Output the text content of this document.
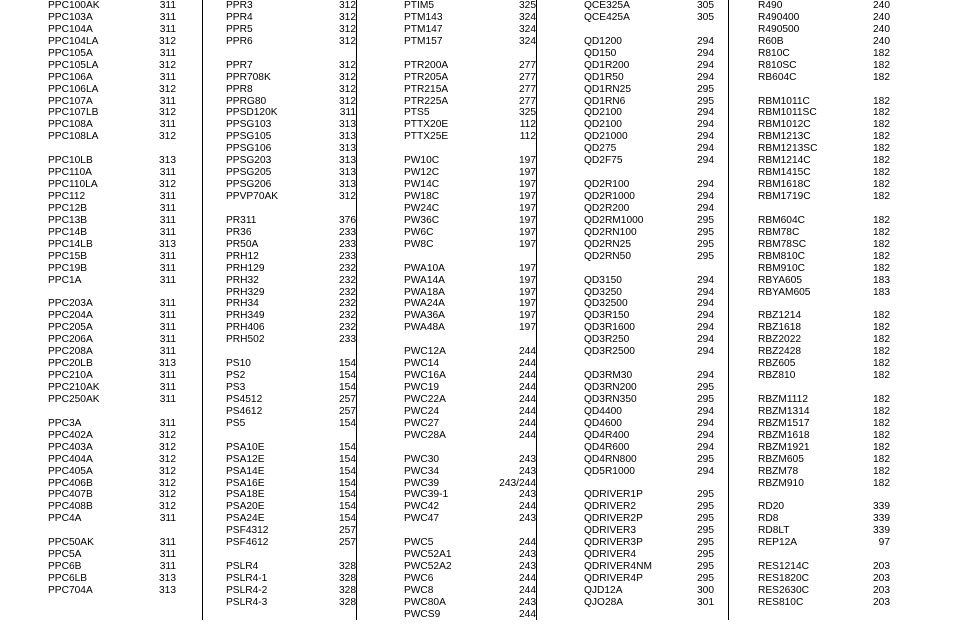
PPC100AK	311
PPC103A	311
PPC104A	311
PPC104LA	312
PPC105A	311
PPC105LA	312
PPC106A	311
PPC106LA	312
PPC107A	311
PPC107LB	312
PPC108A	311
PPC108LA	312
PPC10LB	313
PPC110A	311
PPC110LA	312
PPC112	311
PPC12B	311
PPC13B	311
PPC14B	311
PPC14LB	313
PPC15B	311
PPC19B	311
PPC1A	311
PPC203A	311
PPC204A	311
PPC205A	311
PPC206A	311
PPC208A	311
PPC20LB	313
PPC210A	311
PPC210AK	311
PPC250AK	311
PPC3A	311
PPC402A	312
PPC403A	312
PPC404A	312
PPC405A	312
PPC406B	312
PPC407B	312
PPC408B	312
PPC4A	311
PPC50AK	311
PPC5A	311
PPC6B	311
PPC6LB	313
PPC704A	313
PPR3	312
PPR4	312
PPR5	312
PPR6	312
PPR7	312
PPR708K	312
PPR8	312
PPRG80	312
PPSD120K	311
PPSG103	313
PPSG105	313
PPSG106	313
PPSG203	313
PPSG205	313
PPSG206	313
PPVP70AK	312
PR311	376
PR36	233
PR50A	233
PRH12	233
PRH129	232
PRH32	232
PRH329	232
PRH34	232
PRH349	232
PRH406	232
PRH502	233
PS10	154
PS2	154
PS3	154
PS4512	257
PS4612	257
PS5	154
PSA10E	154
PSA12E	154
PSA14E	154
PSA16E	154
PSA18E	154
PSA20E	154
PSA24E	154
PSF4312	257
PSF4612	257
PSLR4	328
PSLR4-1	328
PSLR4-2	328
PSLR4-3	328
PTIM5	325
PTM143	324
PTM147	324
PTM157	324
PTR200A	277
PTR205A	277
PTR215A	277
PTR225A	277
PTS5	325
PTTX20E	112
PTTX25E	112
PW10C	197
PW12C	197
PW14C	197
PW18C	197
PW24C	197
PW36C	197
PW6C	197
PW8C	197
PWA10A	197
PWA14A	197
PWA18A	197
PWA24A	197
PWA36A	197
PWA48A	197
PWC12A	244
PWC14	244
PWC16A	244
PWC19	244
PWC22A	244
PWC24	244
PWC27	244
PWC28A	244
PWC30	243
PWC34	243
PWC39	243/244
PWC39-1	243
PWC42	244
PWC47	243
PWC5	244
PWC52A1	243
PWC52A2	243
PWC6	244
PWC8	244
PWC80A	243
PWCS9	244
QCE325A	305
QCE425A	305
QD1200	294
QD150	294
QD1R200	294
QD1R50	294
QD1RN25	295
QD1RN6	295
QD2100	294
QD2100	294
QD21000	294
QD275	294
QD2F75	294
QD2R100	294
QD2R1000	294
QD2R200	294
QD2RM1000	295
QD2RN100	295
QD2RN25	295
QD2RN50	295
QD3150	294
QD3250	294
QD32500	294
QD3R150	294
QD3R1600	294
QD3R250	294
QD3R2500	294
QD3RM30	294
QD3RN200	295
QD3RN350	295
QD4400	294
QD4600	294
QD4R400	294
QD4R600	294
QD4RN800	295
QD5R1000	294
QDRIVER1P	295
QDRIVER2	295
QDRIVER2P	295
QDRIVER3	295
QDRIVER3P	295
QDRIVER4	295
QDRIVER4NM	295
QDRIVER4P	295
QJD12A	300
QJO28A	301
R490	240
R490400	240
R490500	240
R60B	240
R810C	182
R810SC	182
RB604C	182
RBM1011C	182
RBM1011SC	182
RBM1012C	182
RBM1213C	182
RBM1213SC	182
RBM1214C	182
RBM1415C	182
RBM1618C	182
RBM1719C	182
RBM604C	182
RBM78C	182
RBM78SC	182
RBM810C	182
RBM910C	182
RBYA605	183
RBYAM605	183
RBZ1214	182
RBZ1618	182
RBZ2022	182
RBZ2428	182
RBZ605	182
RBZ810	182
RBZM1112	182
RBZM1314	182
RBZM1517	182
RBZM1618	182
RBZM1921	182
RBZM605	182
RBZM78	182
RBZM910	182
RD20	339
RD8	339
RD8LT	339
REP12A	97
RES1214C	203
RES1820C	203
RES2630C	203
RES810C	203
